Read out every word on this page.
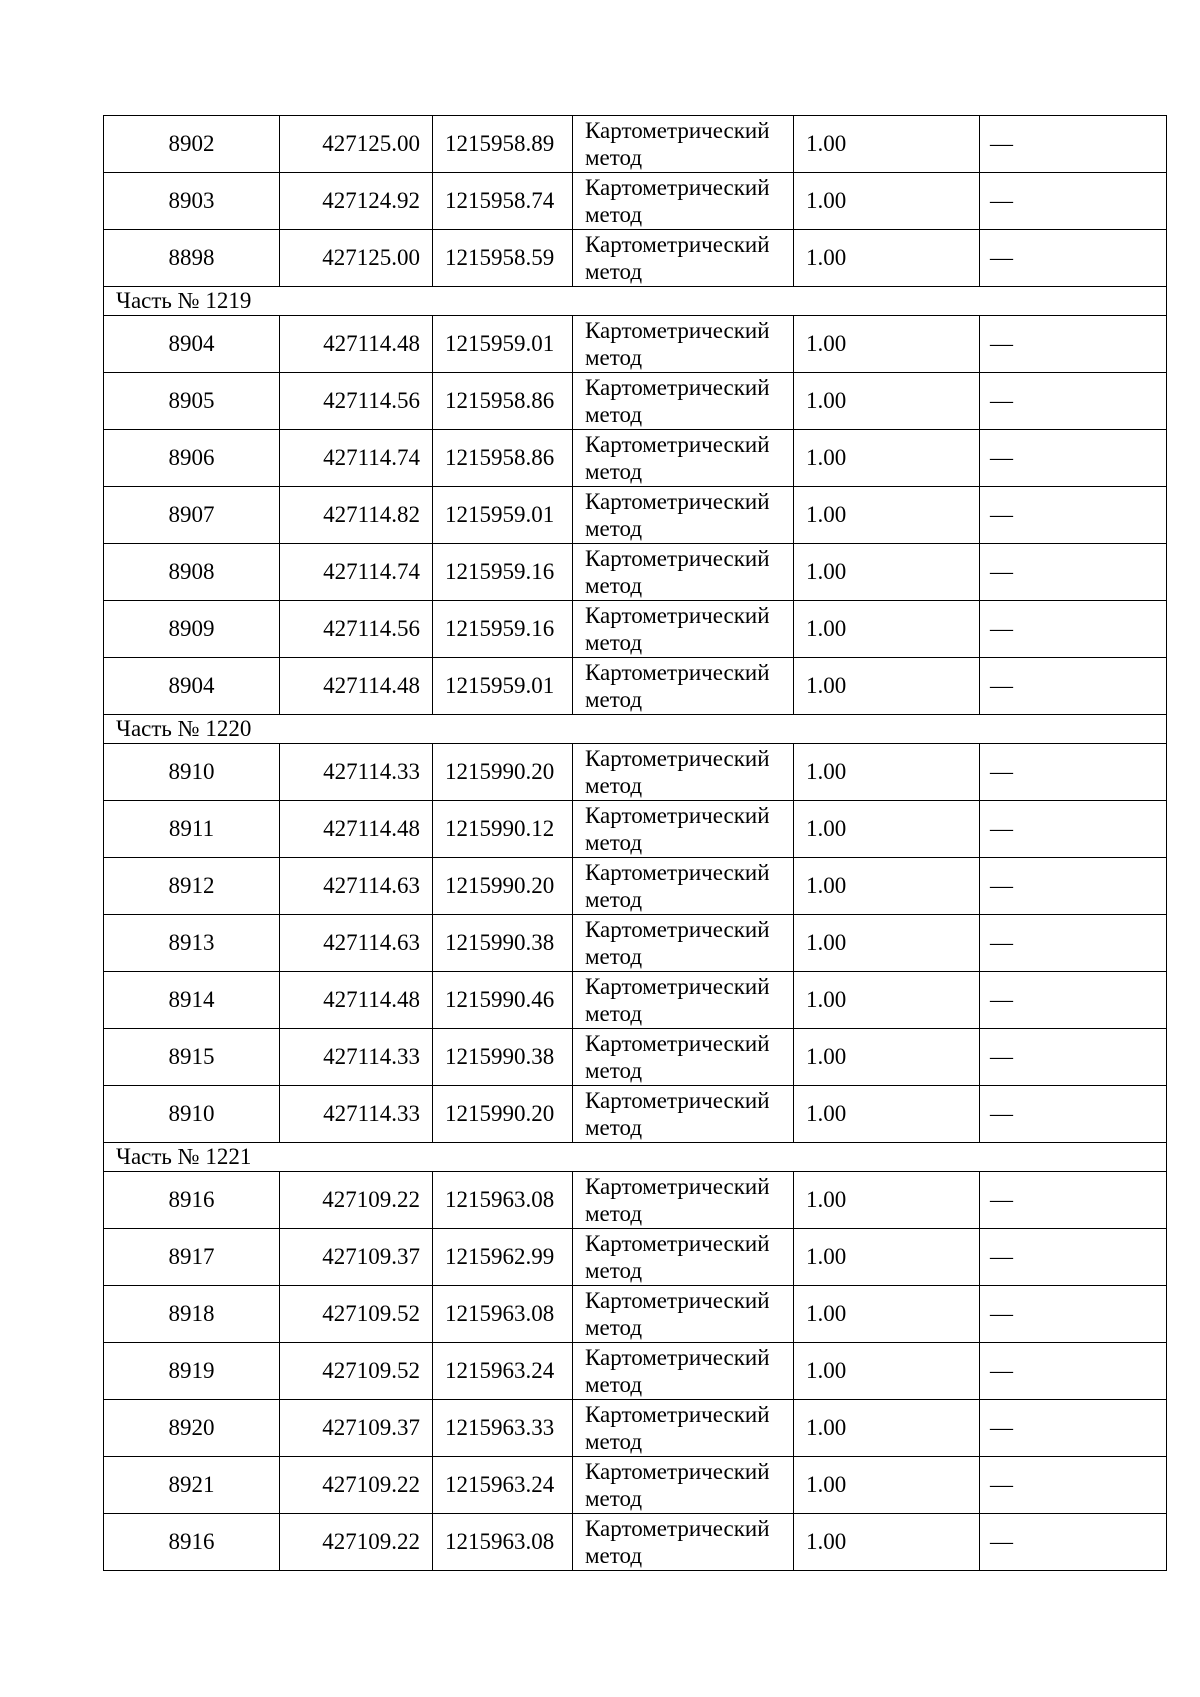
8902	427125.00	1215958.89	Картометрический
метод	1.00	—
8903	427124.92	1215958.74	Картометрический
метод	1.00	—
8898	427125.00	1215958.59	Картометрический
метод	1.00	—
Часть № 1219					
8904	427114.48	1215959.01	Картометрический
метод	1.00	—
8905	427114.56	1215958.86	Картометрический
метод	1.00	—
8906	427114.74	1215958.86	Картометрический
метод	1.00	—
8907	427114.82	1215959.01	Картометрический
метод	1.00	—
8908	427114.74	1215959.16	Картометрический
метод	1.00	—
8909	427114.56	1215959.16	Картометрический
метод	1.00	—
8904	427114.48	1215959.01	Картометрический
метод	1.00	—
Часть № 1220					
8910	427114.33	1215990.20	Картометрический
метод	1.00	—
8911	427114.48	1215990.12	Картометрический
метод	1.00	—
8912	427114.63	1215990.20	Картометрический
метод	1.00	—
8913	427114.63	1215990.38	Картометрический
метод	1.00	—
8914	427114.48	1215990.46	Картометрический
метод	1.00	—
8915	427114.33	1215990.38	Картометрический
метод	1.00	—
8910	427114.33	1215990.20	Картометрический
метод	1.00	—
Часть № 1221					
8916	427109.22	1215963.08	Картометрический
метод	1.00	—
8917	427109.37	1215962.99	Картометрический
метод	1.00	—
8918	427109.52	1215963.08	Картометрический
метод	1.00	—
8919	427109.52	1215963.24	Картометрический
метод	1.00	—
8920	427109.37	1215963.33	Картометрический
метод	1.00	—
8921	427109.22	1215963.24	Картометрический
метод	1.00	—
8916	427109.22	1215963.08	Картометрический
метод	1.00	—
